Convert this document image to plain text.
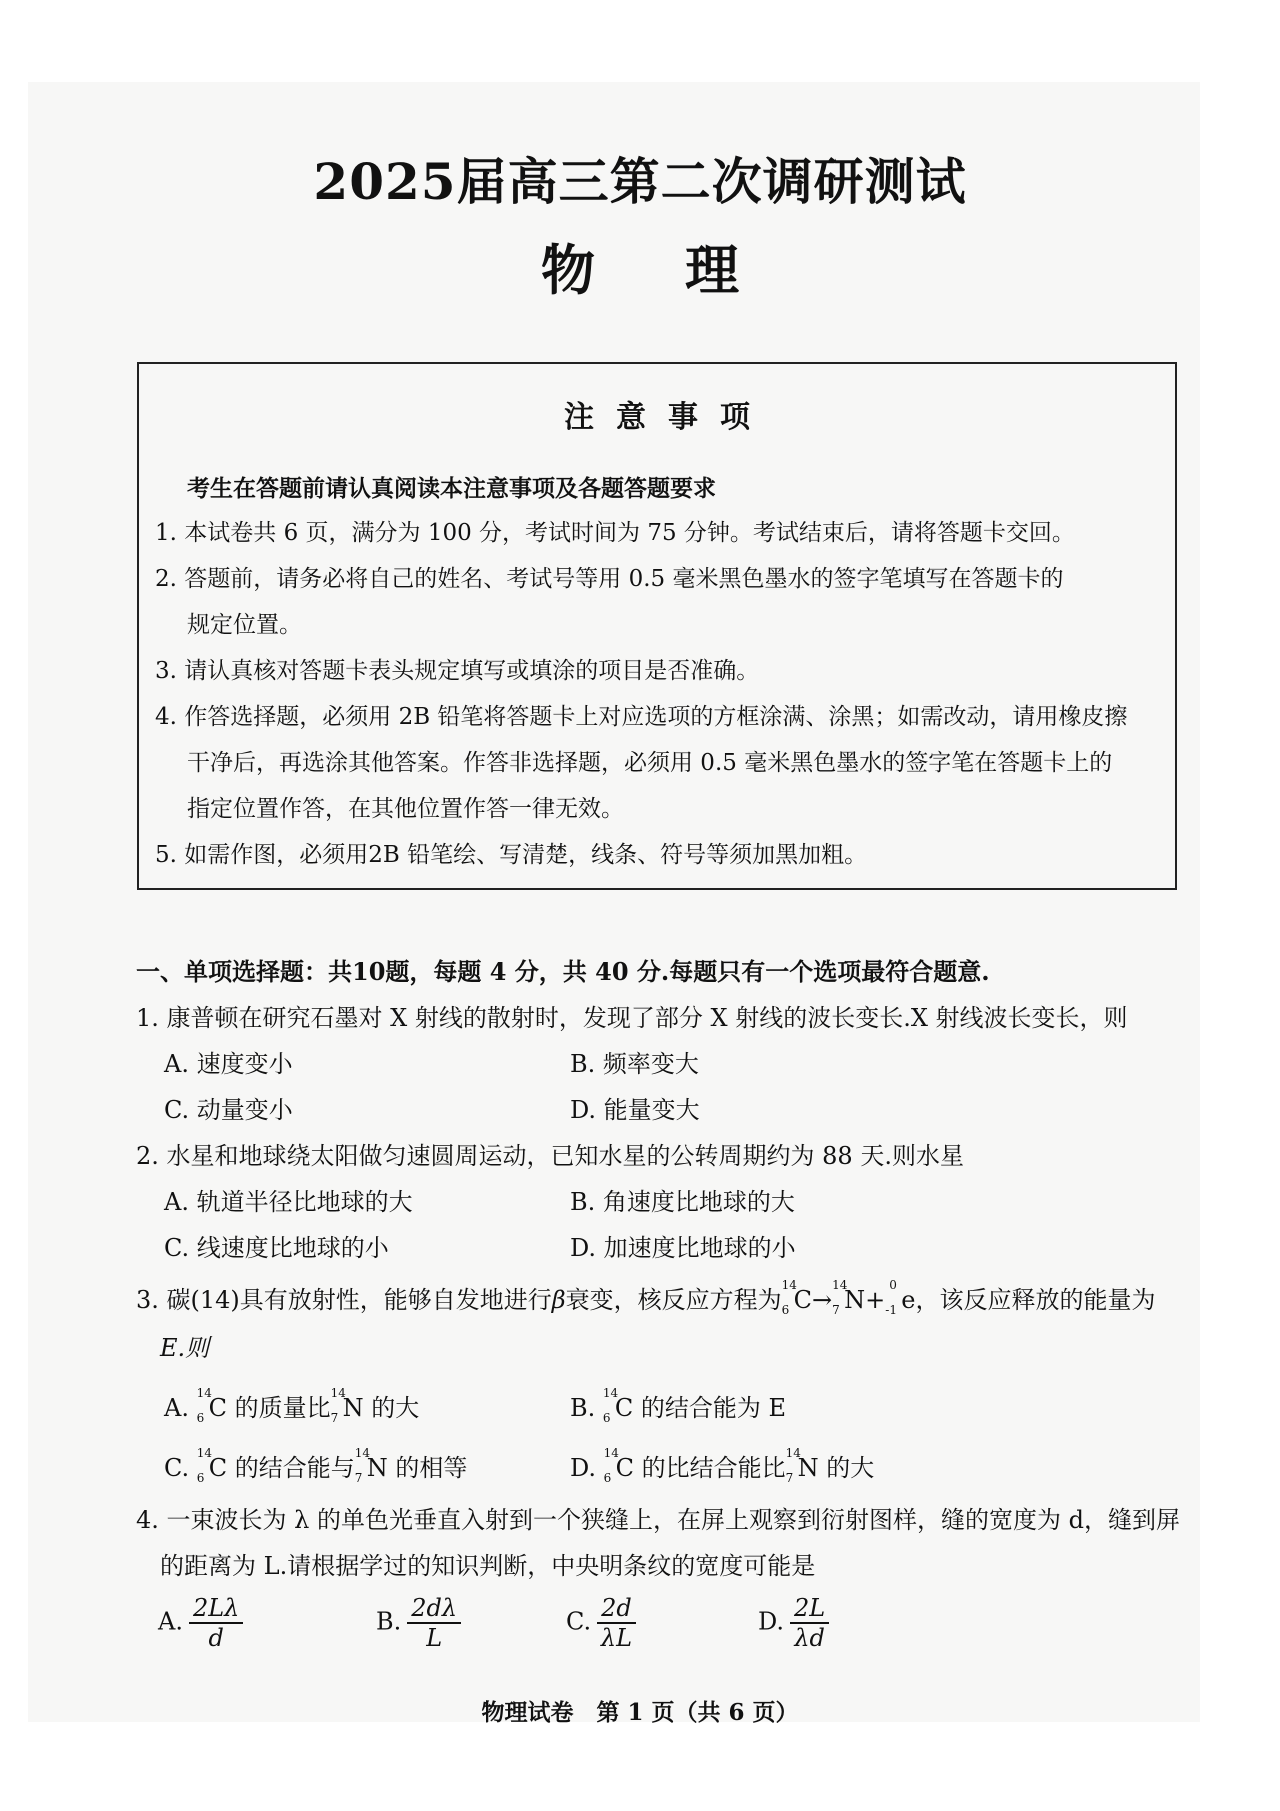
2025届高三第二次调研测试
物理
注意事项
考生在答题前请认真阅读本注意事项及各题答题要求
1. 本试卷共 6 页，满分为 100 分，考试时间为 75 分钟。考试结束后，请将答题卡交回。
2. 答题前，请务必将自己的姓名、考试号等用 0.5 毫米黑色墨水的签字笔填写在答题卡的
规定位置。
3. 请认真核对答题卡表头规定填写或填涂的项目是否准确。
4. 作答选择题，必须用 2B 铅笔将答题卡上对应选项的方框涂满、涂黑；如需改动，请用橡皮擦
干净后，再选涂其他答案。作答非选择题，必须用 0.5 毫米黑色墨水的签字笔在答题卡上的
指定位置作答，在其他位置作答一律无效。
5. 如需作图，必须用2B 铅笔绘、写清楚，线条、符号等须加黑加粗。
一、单项选择题：共10题，每题 4 分，共 40 分.每题只有一个选项最符合题意.
1. 康普顿在研究石墨对 X 射线的散射时，发现了部分 X 射线的波长变长.X 射线波长变长，则
A. 速度变小	B. 频率变大
C. 动量变小	D. 能量变大
2. 水星和地球绕太阳做匀速圆周运动，已知水星的公转周期约为 88 天.则水星
A. 轨道半径比地球的大	B. 角速度比地球的大
C. 线速度比地球的小	D. 加速度比地球的小
3. 碳(14)具有放射性，能够自发地进行β衰变，核反应方程为
14
6 C→
14
7 N+
0
-1 e，该反应释放的能量为
E.则
A.
14
6 C 的质量比
14
7 N 的大	B.
14
6 C 的结合能为 E
C.
14
6 C 的结合能与
14
7 N 的相等	D.
14
6 C 的比结合能比
14
7 N 的大
4. 一束波长为 λ 的单色光垂直入射到一个狭缝上，在屏上观察到衍射图样，缝的宽度为 d，缝到屏
的距离为 L.请根据学过的知识判断，中央明条纹的宽度可能是
A. $\frac{2L\lambda}{d}$	B. $\frac{2d\lambda}{L}$	C. $\frac{2d}{\lambda L}$	D. $\frac{2L}{\lambda d}$
物理试卷　第 1 页（共 6 页）
